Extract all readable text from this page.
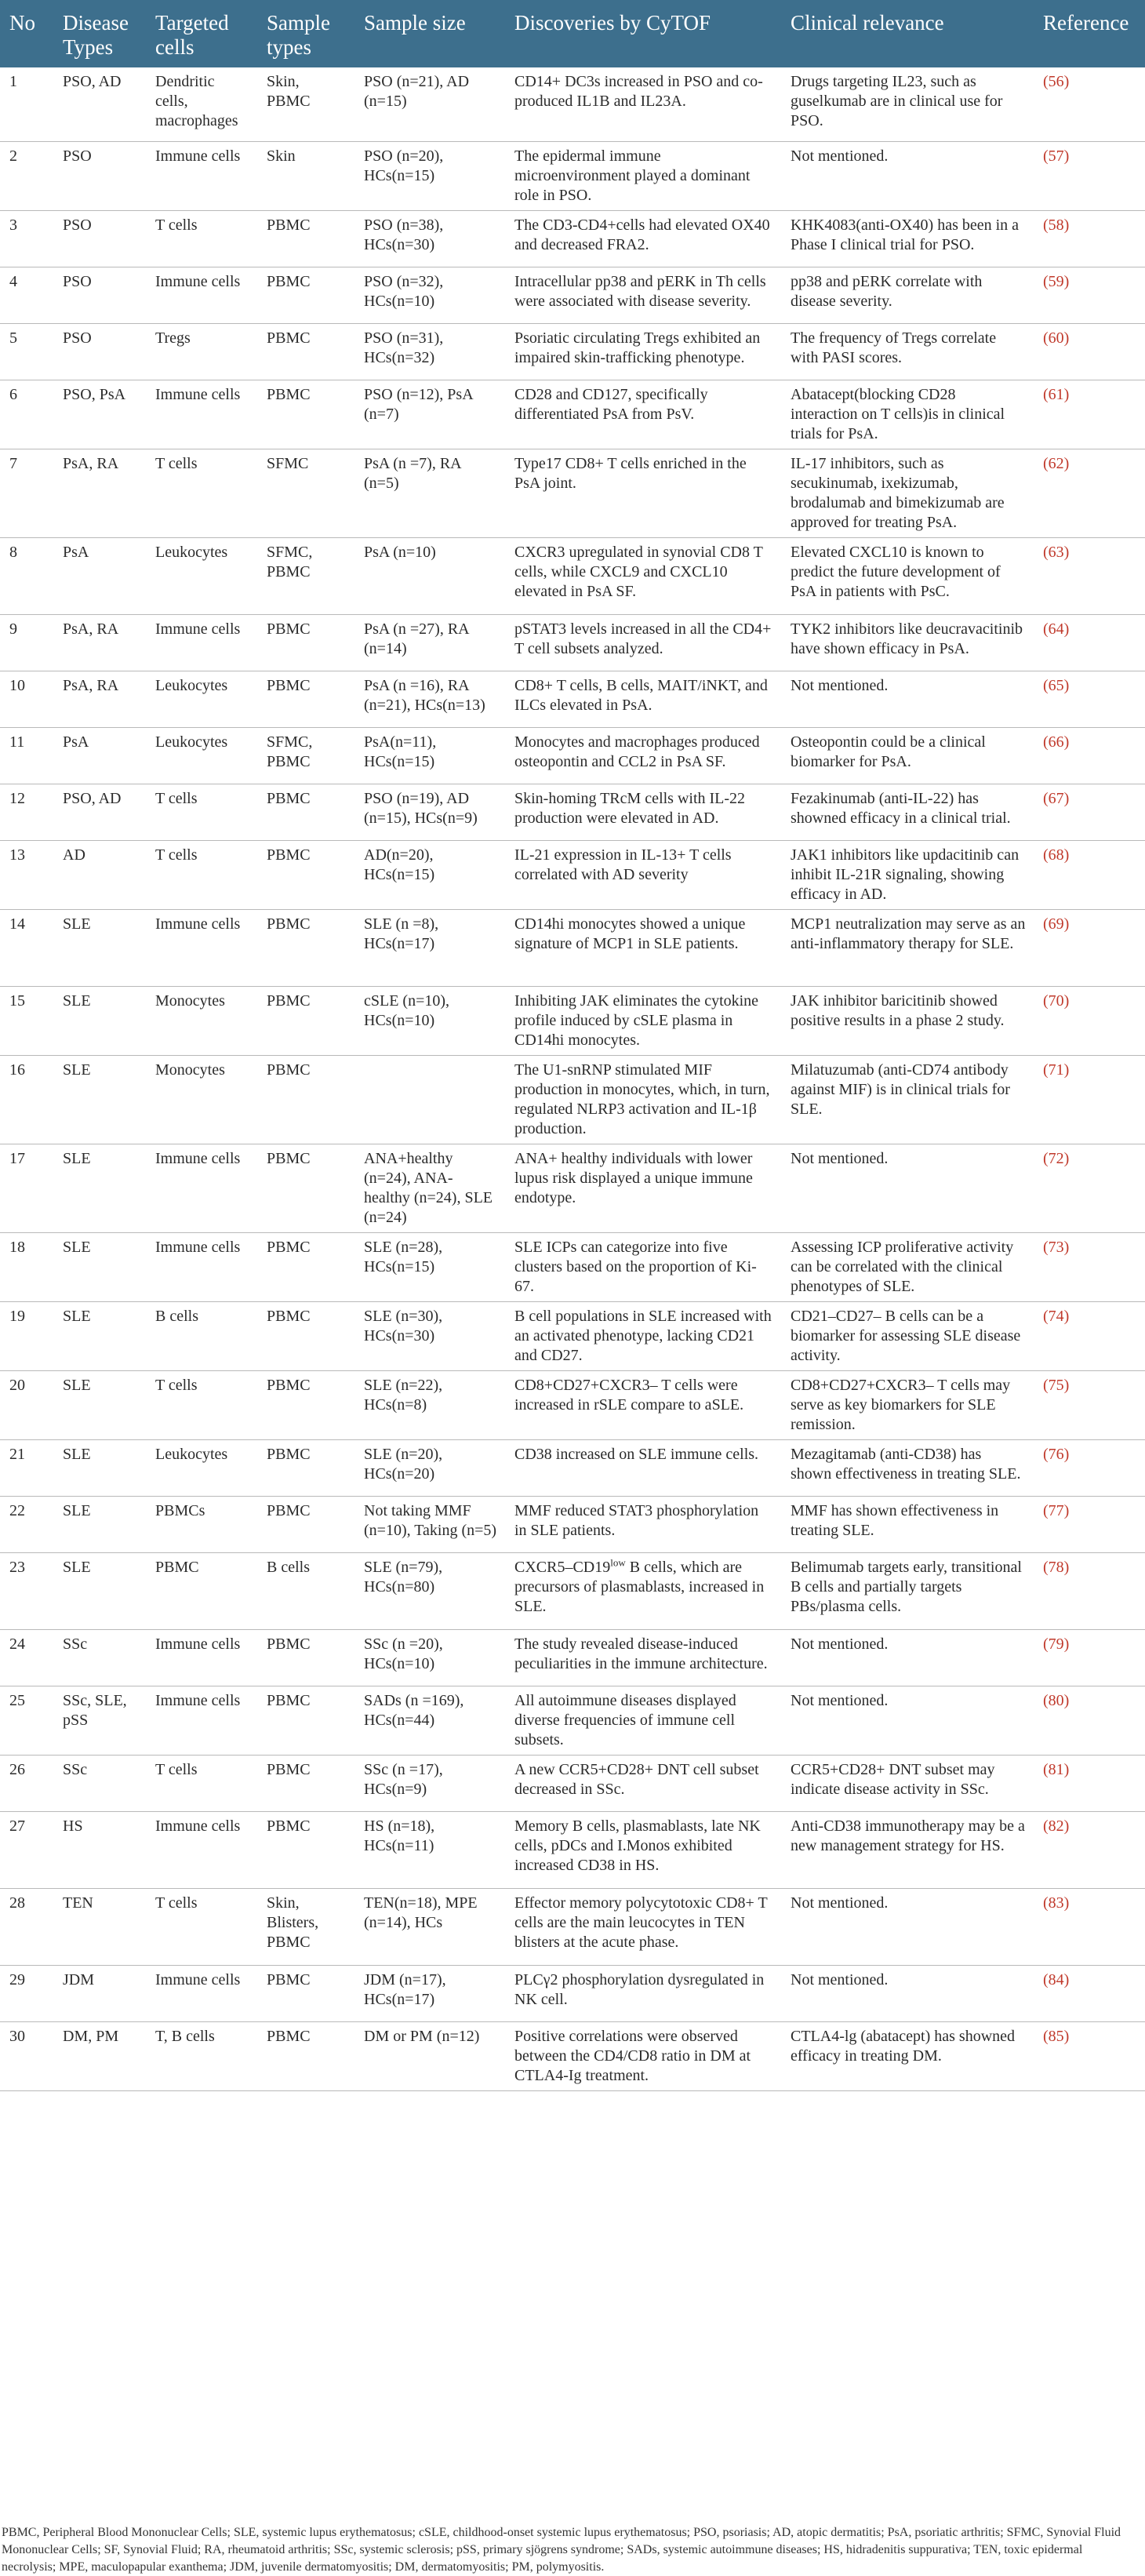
No	Disease Types	Targeted cells	Sample types	Sample size	Discoveries by CyTOF	Clinical relevance	Reference
1	PSO, AD	Dendritic cells, macrophages	Skin, PBMC	PSO (n=21), AD (n=15)	CD14+ DC3s increased in PSO and co-produced IL1B and IL23A.	Drugs targeting IL23, such as guselkumab are in clinical use for PSO.	(56)
2	PSO	Immune cells	Skin	PSO (n=20), HCs(n=15)	The epidermal immune microenvironment played a dominant role in PSO.	Not mentioned.	(57)
3	PSO	T cells	PBMC	PSO (n=38), HCs(n=30)	The CD3-CD4+cells had elevated OX40 and decreased FRA2.	KHK4083(anti-OX40) has been in a Phase I clinical trial for PSO.	(58)
4	PSO	Immune cells	PBMC	PSO (n=32), HCs(n=10)	Intracellular pp38 and pERK in Th cells were associated with disease severity.	pp38 and pERK correlate with disease severity.	(59)
5	PSO	Tregs	PBMC	PSO (n=31), HCs(n=32)	Psoriatic circulating Tregs exhibited an impaired skin-trafficking phenotype.	The frequency of Tregs correlate with PASI scores.	(60)
6	PSO, PsA	Immune cells	PBMC	PSO (n=12), PsA (n=7)	CD28 and CD127, specifically differentiated PsA from PsV.	Abatacept(blocking CD28 interaction on T cells)is in clinical trials for PsA.	(61)
7	PsA, RA	T cells	SFMC	PsA (n =7), RA (n=5)	Type17 CD8+ T cells enriched in the PsA joint.	IL-17 inhibitors, such as secukinumab, ixekizumab, brodalumab and bimekizumab are approved for treating PsA.	(62)
8	PsA	Leukocytes	SFMC, PBMC	PsA (n=10)	CXCR3 upregulated in synovial CD8 T cells, while CXCL9 and CXCL10 elevated in PsA SF.	Elevated CXCL10 is known to predict the future development of PsA in patients with PsC.	(63)
9	PsA, RA	Immune cells	PBMC	PsA (n =27), RA (n=14)	pSTAT3 levels increased in all the CD4+ T cell subsets analyzed.	TYK2 inhibitors like deucravacitinib have shown efficacy in PsA.	(64)
10	PsA, RA	Leukocytes	PBMC	PsA (n =16), RA (n=21), HCs(n=13)	CD8+ T cells, B cells, MAIT/iNKT, and ILCs elevated in PsA.	Not mentioned.	(65)
11	PsA	Leukocytes	SFMC, PBMC	PsA(n=11), HCs(n=15)	Monocytes and macrophages produced osteopontin and CCL2 in PsA SF.	Osteopontin could be a clinical biomarker for PsA.	(66)
12	PSO, AD	T cells	PBMC	PSO (n=19), AD (n=15), HCs(n=9)	Skin-homing TRcM cells with IL-22 production were elevated in AD.	Fezakinumab (anti-IL-22) has showned efficacy in a clinical trial.	(67)
13	AD	T cells	PBMC	AD(n=20), HCs(n=15)	IL-21 expression in IL-13+ T cells correlated with AD severity	JAK1 inhibitors like updacitinib can inhibit IL-21R signaling, showing efficacy in AD.	(68)
14	SLE	Immune cells	PBMC	SLE (n =8), HCs(n=17)	CD14hi monocytes showed a unique signature of MCP1 in SLE patients.	MCP1 neutralization may serve as an anti-inflammatory therapy for SLE.	(69)
15	SLE	Monocytes	PBMC	cSLE (n=10), HCs(n=10)	Inhibiting JAK eliminates the cytokine profile induced by cSLE plasma in CD14hi monocytes.	JAK inhibitor baricitinib showed positive results in a phase 2 study.	(70)
16	SLE	Monocytes	PBMC		The U1-snRNP stimulated MIF production in monocytes, which, in turn, regulated NLRP3 activation and IL-1β production.	Milatuzumab (anti-CD74 antibody against MIF) is in clinical trials for SLE.	(71)
17	SLE	Immune cells	PBMC	ANA+healthy (n=24), ANA-healthy (n=24), SLE (n=24)	ANA+ healthy individuals with lower lupus risk displayed a unique immune endotype.	Not mentioned.	(72)
18	SLE	Immune cells	PBMC	SLE (n=28), HCs(n=15)	SLE ICPs can categorize into five clusters based on the proportion of Ki-67.	Assessing ICP proliferative activity can be correlated with the clinical phenotypes of SLE.	(73)
19	SLE	B cells	PBMC	SLE (n=30), HCs(n=30)	B cell populations in SLE increased with an activated phenotype, lacking CD21 and CD27.	CD21–CD27– B cells can be a biomarker for assessing SLE disease activity.	(74)
20	SLE	T cells	PBMC	SLE (n=22), HCs(n=8)	CD8+CD27+CXCR3– T cells were increased in rSLE compare to aSLE.	CD8+CD27+CXCR3– T cells may serve as key biomarkers for SLE remission.	(75)
21	SLE	Leukocytes	PBMC	SLE (n=20), HCs(n=20)	CD38 increased on SLE immune cells.	Mezagitamab (anti-CD38) has shown effectiveness in treating SLE.	(76)
22	SLE	PBMCs	PBMC	Not taking MMF (n=10), Taking (n=5)	MMF reduced STAT3 phosphorylation in SLE patients.	MMF has shown effectiveness in treating SLE.	(77)
23	SLE	PBMC	B cells	SLE (n=79), HCs(n=80)	$CXCR5-CD19^{low}$ B cells, which are precursors of plasmablasts, increased in SLE.	Belimumab targets early, transitional B cells and partially targets PBs/plasma cells.	(78)
24	SSc	Immune cells	PBMC	SSc (n =20), HCs(n=10)	The study revealed disease-induced peculiarities in the immune architecture.	Not mentioned.	(79)
25	SSc, SLE, pSS	Immune cells	PBMC	SADs (n =169), HCs(n=44)	All autoimmune diseases displayed diverse frequencies of immune cell subsets.	Not mentioned.	(80)
26	SSc	T cells	PBMC	SSc (n =17), HCs(n=9)	A new CCR5+CD28+ DNT cell subset decreased in SSc.	CCR5+CD28+ DNT subset may indicate disease activity in SSc.	(81)
27	HS	Immune cells	PBMC	HS (n=18), HCs(n=11)	Memory B cells, plasmablasts, late NK cells, pDCs and I.Monos exhibited increased CD38 in HS.	Anti-CD38 immunotherapy may be a new management strategy for HS.	(82)
28	TEN	T cells	Skin, Blisters, PBMC	TEN(n=18), MPE (n=14), HCs	Effector memory polycytotoxic CD8+ T cells are the main leucocytes in TEN blisters at the acute phase.	Not mentioned.	(83)
29	JDM	Immune cells	PBMC	JDM (n=17), HCs(n=17)	PLCγ2 phosphorylation dysregulated in NK cell.	Not mentioned.	(84)
30	DM, PM	T, B cells	PBMC	DM or PM (n=12)	Positive correlations were observed between the CD4/CD8 ratio in DM at CTLA4-Ig treatment.	CTLA4-lg (abatacept) has showned efficacy in treating DM.	(85)
PBMC, Peripheral Blood Mononuclear Cells; SLE, systemic lupus erythematosus; cSLE, childhood-onset systemic lupus erythematosus; PSO, psoriasis; AD, atopic dermatitis; PsA, psoriatic arthritis; SFMC, Synovial Fluid Mononuclear Cells; SF, Synovial Fluid; RA, rheumatoid arthritis; SSc, systemic sclerosis; pSS, primary sjögrens syndrome; SADs, systemic autoimmune diseases; HS, hidradenitis suppurativa; TEN, toxic epidermal necrolysis; MPE, maculopapular exanthema; JDM, juvenile dermatomyositis; DM, dermatomyositis; PM, polymyositis.
